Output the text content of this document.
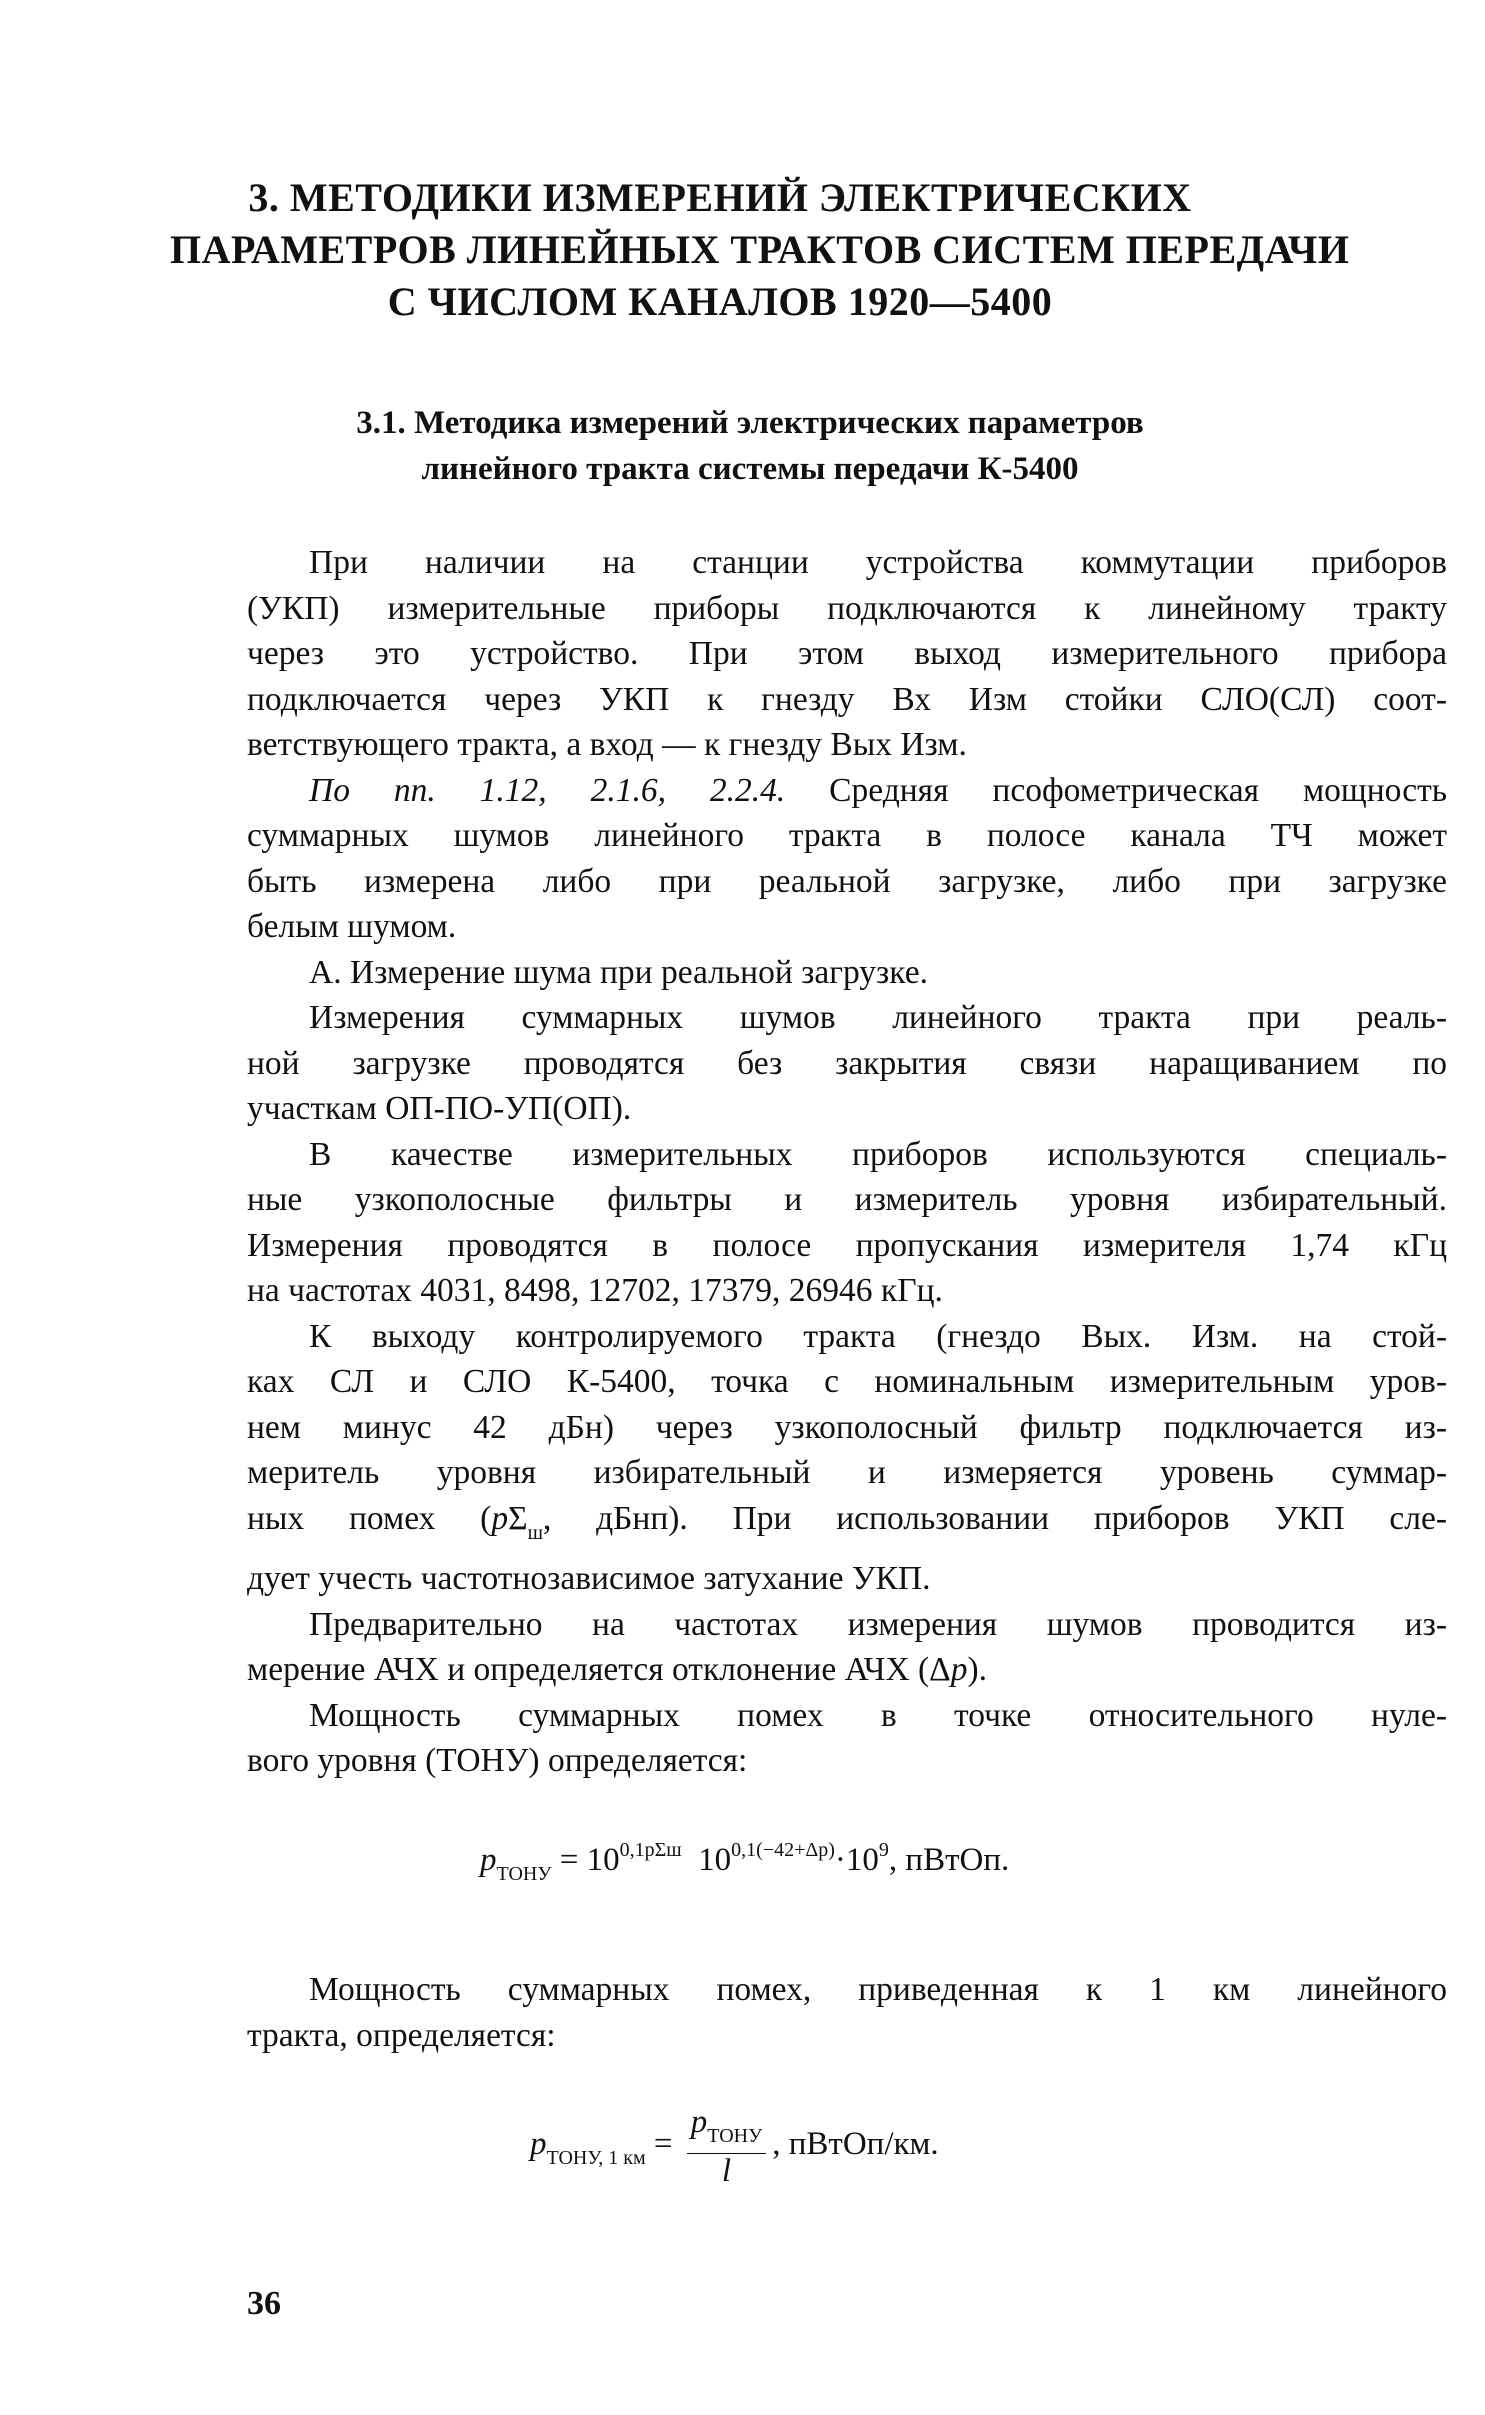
3. МЕТОДИКИ ИЗМЕРЕНИЙ ЭЛЕКТРИЧЕСКИХ
ПАРАМЕТРОВ ЛИНЕЙНЫХ ТРАКТОВ СИСТЕМ ПЕРЕДАЧИ
С ЧИСЛОМ КАНАЛОВ 1920—5400
3.1. Методика измерений электрических параметров
линейного тракта системы передачи К-5400
При наличии на станции устройства коммутации приборов
(УКП) измерительные приборы подключаются к линейному тракту
через это устройство. При этом выход измерительного прибора
подключается через УКП к гнезду Вх Изм стойки СЛО(СЛ) соот-
ветствующего тракта, а вход — к гнезду Вых Изм.
По пп. 1.12, 2.1.6, 2.2.4. Средняя псофометрическая мощность
суммарных шумов линейного тракта в полосе канала ТЧ может
быть измерена либо при реальной загрузке, либо при загрузке
белым шумом.
А. Измерение шума при реальной загрузке.
Измерения суммарных шумов линейного тракта при реаль-
ной загрузке проводятся без закрытия связи наращиванием по
участкам ОП-ПО-УП(ОП).
В качестве измерительных приборов используются специаль-
ные узкополосные фильтры и измеритель уровня избирательный.
Измерения проводятся в полосе пропускания измерителя 1,74 кГц
на частотах 4031, 8498, 12702, 17379, 26946 кГц.
К выходу контролируемого тракта (гнездо Вых. Изм. на стой-
ках СЛ и СЛО К-5400, точка с номинальным измерительным уров-
нем минус 42 дБн) через узкополосный фильтр подключается из-
меритель уровня избирательный и измеряется уровень суммар-
ных помех ($p\Sigma_ш$, дБнп). При использовании приборов УКП сле-
дует учесть частотнозависимое затухание УКП.
Предварительно на частотах измерения шумов проводится из-
мерение АЧХ и определяется отклонение АЧХ (Δp).
Мощность суммарных помех в точке относительного нуле-
вого уровня (ТОНУ) определяется:
$p_{ТОНУ} = 10^{0,1p\Sigma ш}$ $10^{0,1(-42+\Delta p)}\cdot 10^9$, пВтОп.
Мощность суммарных помех, приведенная к 1 км линейного
тракта, определяется:
$p_{ТОНУ, 1 км} = \frac{p_{ТОНУ}}{l}$ , пВтОп/км.
36
